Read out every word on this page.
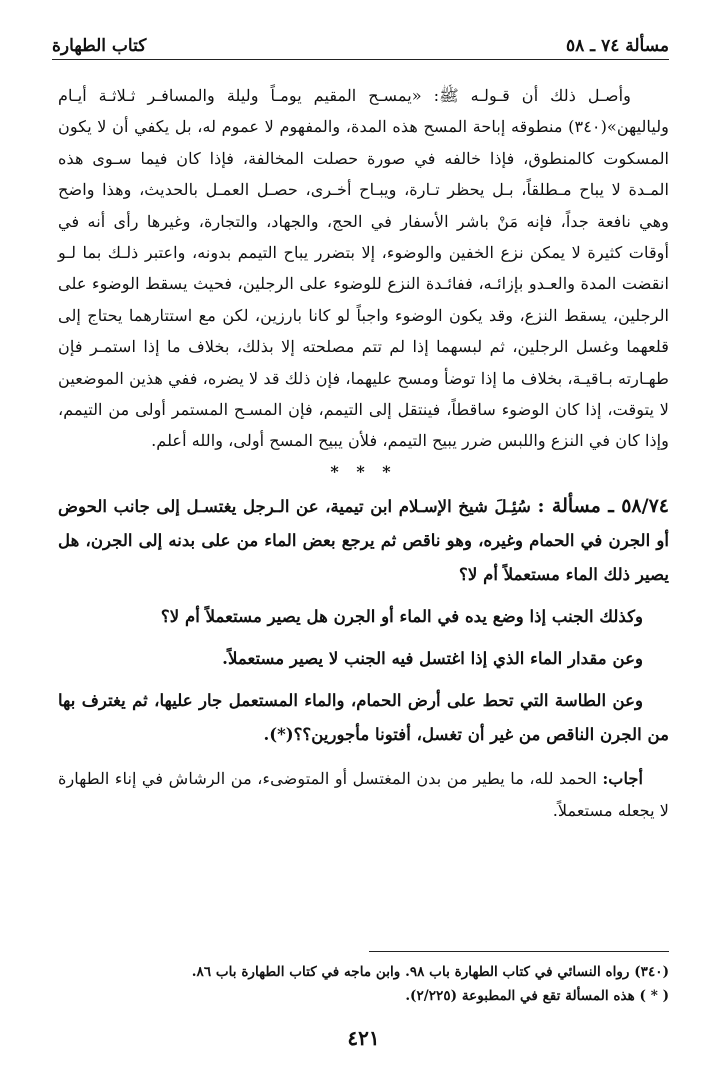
مسألة ٧٤ ـ ٥٨
كتاب الطهارة

وأصـل ذلك أن قـولـه ﷺ: «يمسـح المقيم يومـاً وليلة والمسافـر ثـلاثـة أيـام ولياليهن»(٣٤٠) منطوقه إباحة المسح هذه المدة، والمفهوم لا عموم له، بل يكفي أن لا يكون المسكوت كالمنطوق، فإذا خالفه في صورة حصلت المخالفة، فإذا كان فيما سـوى هذه المـدة لا يباح مـطلقاً، بـل يحظر تـارة، ويبـاح أخـرى، حصـل العمـل بالحديث، وهذا واضح وهي نافعة جداً، فإنه مَنْ باشر الأسفار في الحج، والجهاد، والتجارة، وغيرها رأى أنه في أوقات كثيرة لا يمكن نزع الخفين والوضوء، إلا بتضرر يباح التيمم بدونه، واعتبر ذلـك بما لـو انقضت المدة والعـدو بإزائـه، ففائـدة النزع للوضوء على الرجلين، فحيث يسقط الوضوء على الرجلين، يسقط النزع، وقد يكون الوضوء واجباً لو كانا بارزين، لكن مع استتارهما يحتاج إلى قلعهما وغسل الرجلين، ثم لبسهما إذا لم تتم مصلحته إلا بذلك، بخلاف ما إذا استمـر فإن طهـارته بـاقيـة، بخلاف ما إذا توضأ ومسح عليهما، فإن ذلك قد لا يضره، ففي هذين الموضعين لا يتوقت، إذا كان الوضوء ساقطاً، فينتقل إلى التيمم، فإن المسـح المستمر أولى من التيمم، وإذا كان في النزع واللبس ضرر يبيح التيمم، فلأن يبيح المسح أولى، والله أعلم.

* * *

٥٨/٧٤ ـ مسألة : سُئِـلَ شيخ الإسـلام ابن تيمية، عن الـرجل يغتسـل إلى جانب الحوض أو الجرن في الحمام وغيره، وهو ناقص ثم يرجع بعض الماء من على بدنه إلى الجرن، هل يصير ذلك الماء مستعملاً أم لا؟

وكذلك الجنب إذا وضع يده في الماء أو الجرن هل يصير مستعملاً أم لا؟

وعن مقدار الماء الذي إذا اغتسل فيه الجنب لا يصير مستعملاً.

وعن الطاسة التي تحط على أرض الحمام، والماء المستعمل جار عليها، ثم يغترف بها من الجرن الناقص من غير أن تغسل، أفتونا مأجورين؟؟(*).

أجاب: الحمد لله، ما يطير من بدن المغتسل أو المتوضىء، من الرشاش في إناء الطهارة لا يجعله مستعملاً.

(٣٤٠) رواه النسائي في كتاب الطهارة باب ٩٨. وابن ماجه في كتاب الطهارة باب ٨٦.

( * ) هذه المسألة تقع في المطبوعة (٢/٢٢٥).

٤٢١
